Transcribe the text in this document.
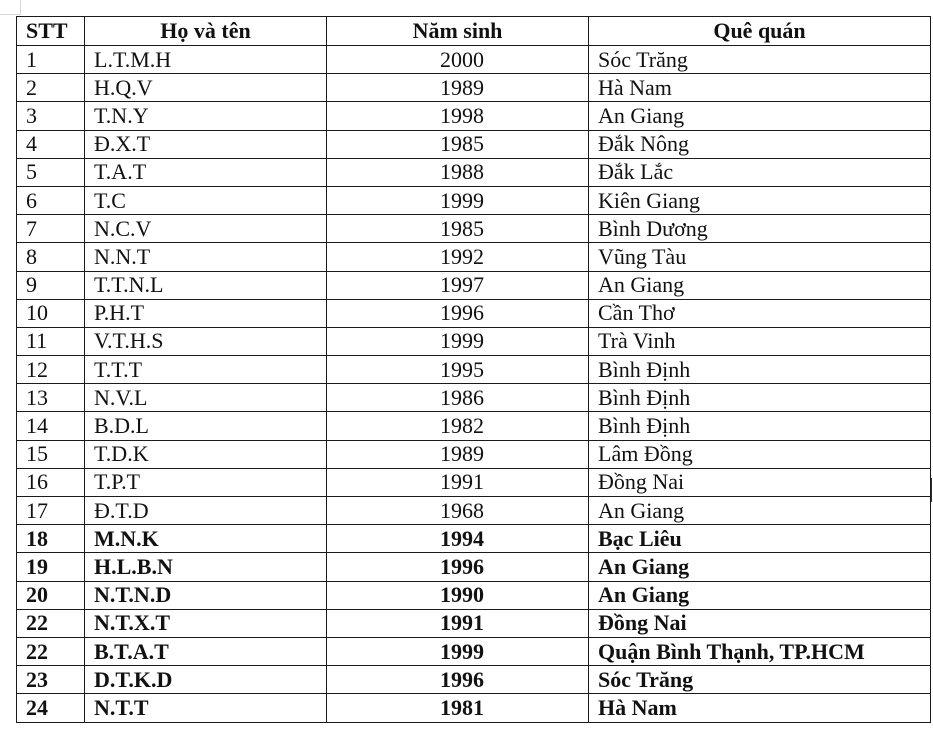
STT	Họ và tên	Năm sinh	Quê quán
1	L.T.M.H	2000	Sóc Trăng
2	H.Q.V	1989	Hà Nam
3	T.N.Y	1998	An Giang
4	Đ.X.T	1985	Đắk Nông
5	T.A.T	1988	Đắk Lắc
6	T.C	1999	Kiên Giang
7	N.C.V	1985	Bình Dương
8	N.N.T	1992	Vũng Tàu
9	T.T.N.L	1997	An Giang
10	P.H.T	1996	Cần Thơ
11	V.T.H.S	1999	Trà Vinh
12	T.T.T	1995	Bình Định
13	N.V.L	1986	Bình Định
14	B.D.L	1982	Bình Định
15	T.D.K	1989	Lâm Đồng
16	T.P.T	1991	Đồng Nai
17	Đ.T.D	1968	An Giang
18	M.N.K	1994	Bạc Liêu
19	H.L.B.N	1996	An Giang
20	N.T.N.D	1990	An Giang
22	N.T.X.T	1991	Đồng Nai
22	B.T.A.T	1999	Quận Bình Thạnh, TP.HCM
23	D.T.K.D	1996	Sóc Trăng
24	N.T.T	1981	Hà Nam
